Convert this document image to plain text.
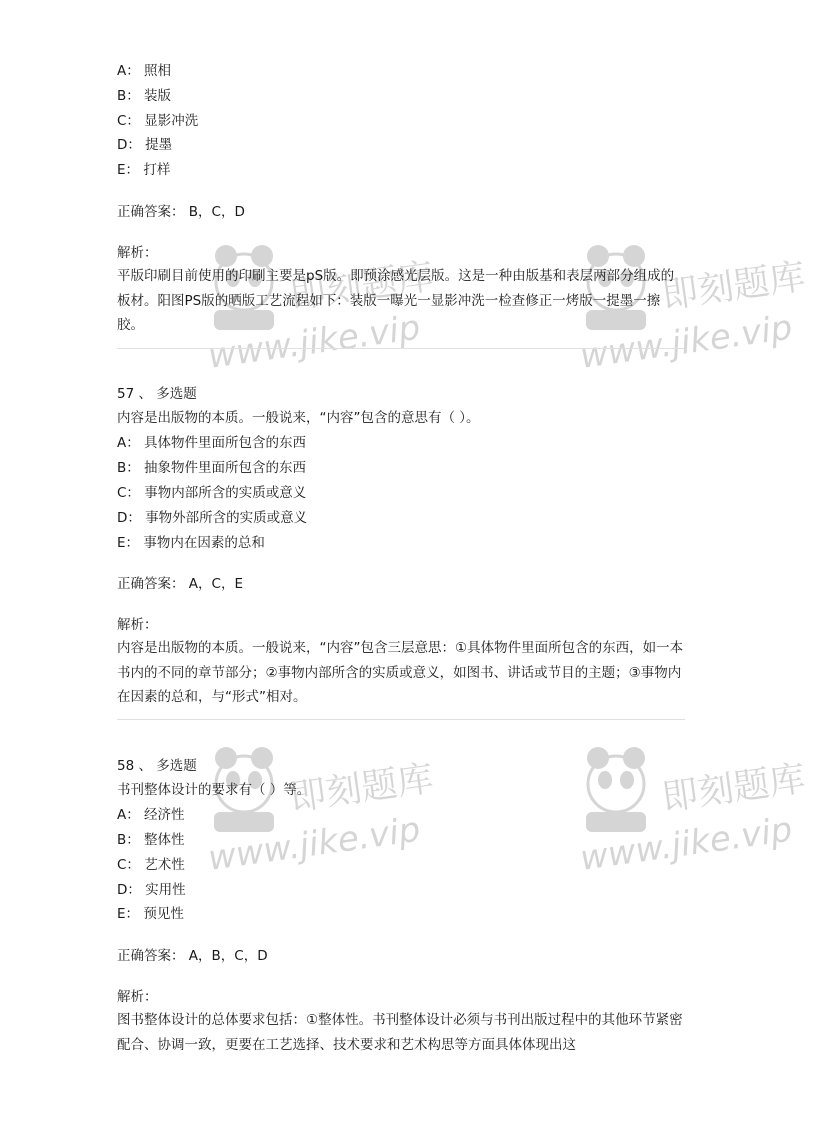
即刻题库
www.jike.vip
即刻题库
www.jike.vip
即刻题库
www.jike.vip
即刻题库
www.jike.vip
A： 照相
B： 装版
C： 显影冲洗
D： 提墨
E： 打样
正确答案： B，C，D
解析：
平版印刷目前使用的印刷主要是pS版。即预涂感光层版。这是一种由版基和表层两部分组成的板材。阳图PS版的晒版工艺流程如下：装版一曝光一显影冲洗一检查修正一烤版一提墨一擦胶。
57 、 多选题
内容是出版物的本质。一般说来，“内容”包含的意思有（ ）。
A： 具体物件里面所包含的东西
B： 抽象物件里面所包含的东西
C： 事物内部所含的实质或意义
D： 事物外部所含的实质或意义
E： 事物内在因素的总和
正确答案： A，C，E
解析：
内容是出版物的本质。一般说来，“内容”包含三层意思：①具体物件里面所包含的东西，如一本书内的不同的章节部分；②事物内部所含的实质或意义，如图书、讲话或节目的主题；③事物内在因素的总和，与“形式”相对。
58 、 多选题
书刊整体设计的要求有（ ）等。
A： 经济性
B： 整体性
C： 艺术性
D： 实用性
E： 预见性
正确答案： A，B，C，D
解析：
图书整体设计的总体要求包括：①整体性。书刊整体设计必须与书刊出版过程中的其他环节紧密配合、协调一致，更要在工艺选择、技术要求和艺术构思等方面具体体现出这
